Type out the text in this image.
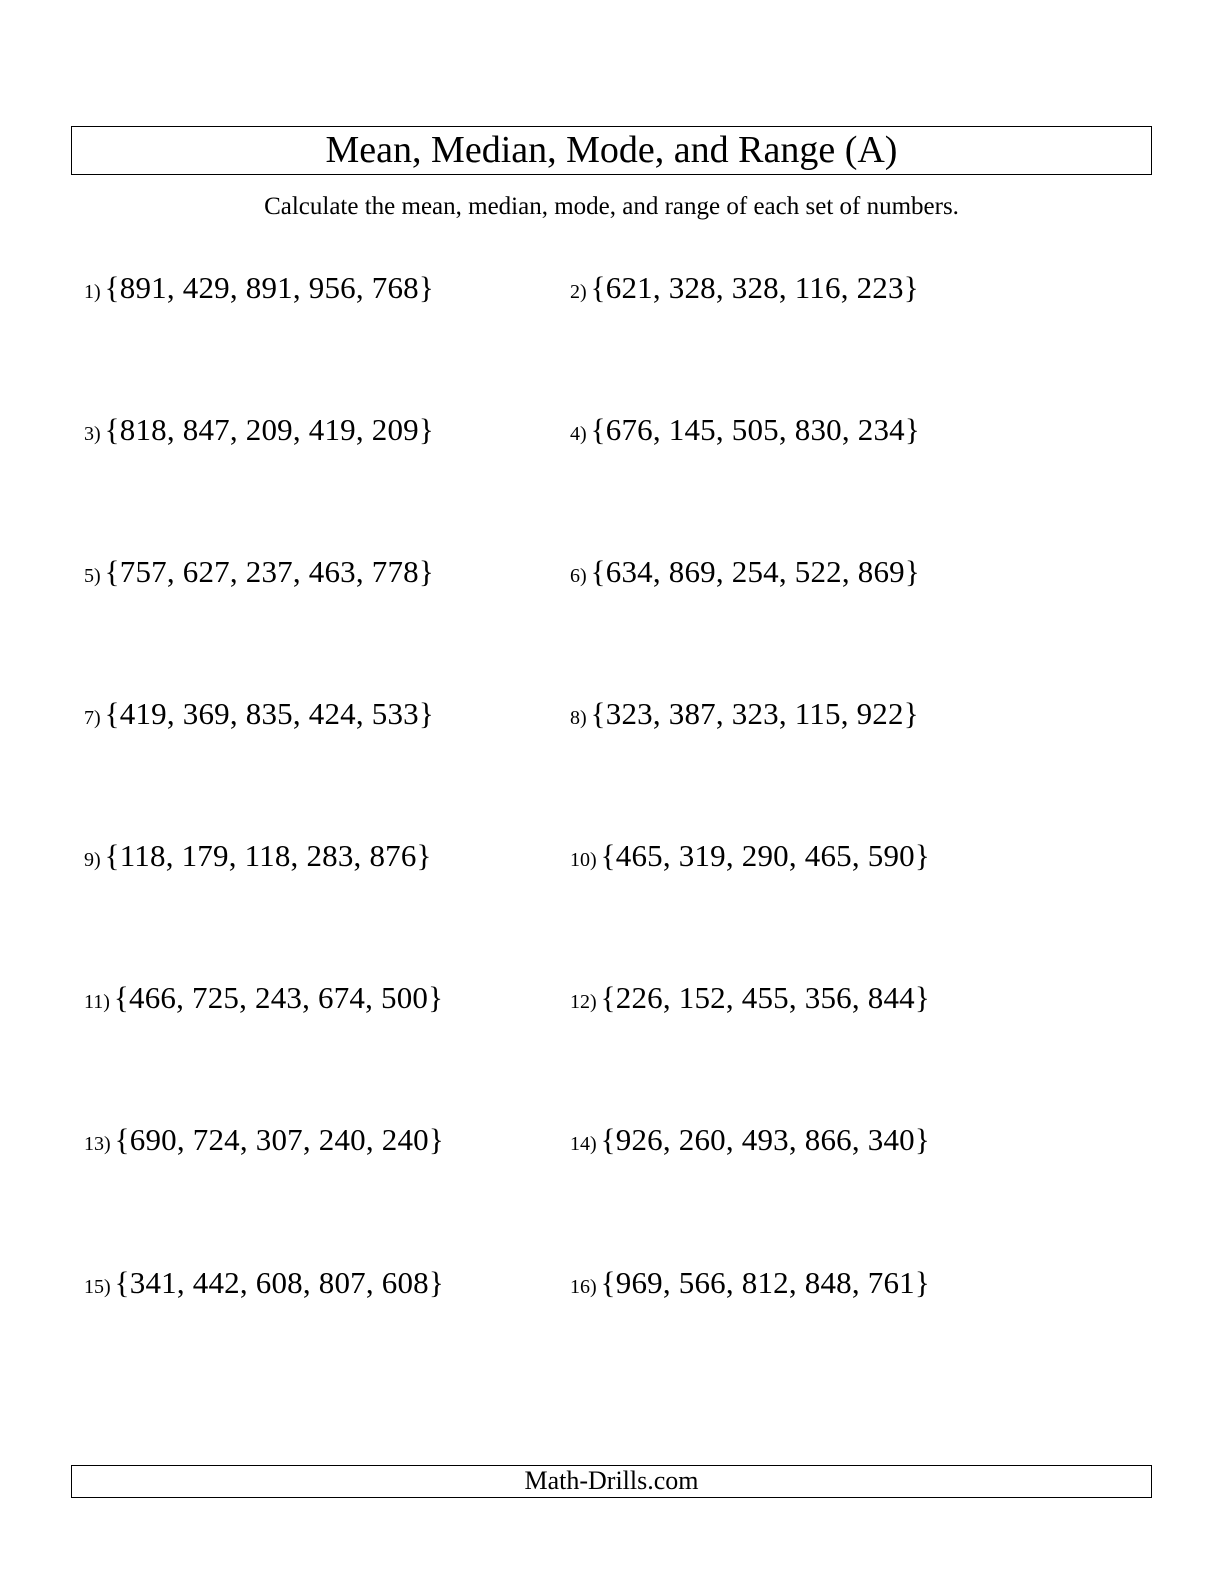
Mean, Median, Mode, and Range (A)
Calculate the mean, median, mode, and range of each set of numbers.
1) {891, 429, 891, 956, 768}	2) {621, 328, 328, 116, 223}
3) {818, 847, 209, 419, 209}	4) {676, 145, 505, 830, 234}
5) {757, 627, 237, 463, 778}	6) {634, 869, 254, 522, 869}
7) {419, 369, 835, 424, 533}	8) {323, 387, 323, 115, 922}
9) {118, 179, 118, 283, 876}	10) {465, 319, 290, 465, 590}
11) {466, 725, 243, 674, 500}	12) {226, 152, 455, 356, 844}
13) {690, 724, 307, 240, 240}	14) {926, 260, 493, 866, 340}
15) {341, 442, 608, 807, 608}	16) {969, 566, 812, 848, 761}
Math-Drills.com
